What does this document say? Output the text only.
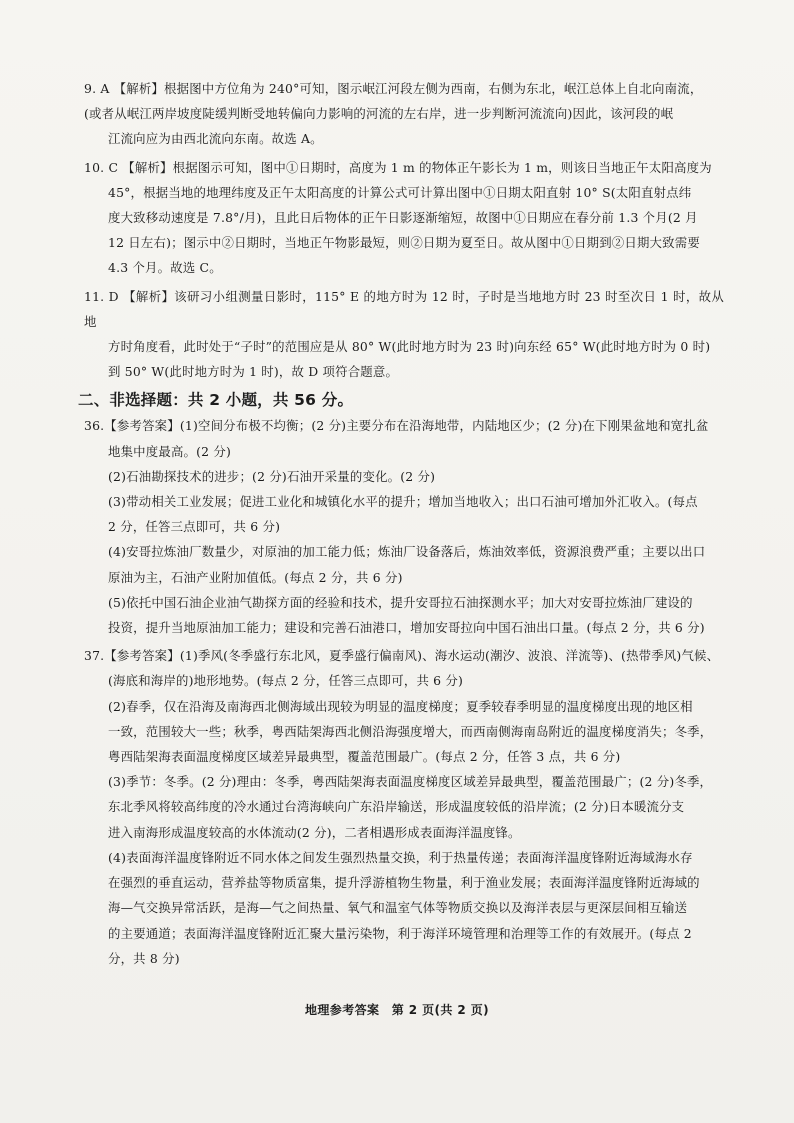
9. A 【解析】根据图中方位角为 240°可知，图示岷江河段左侧为西南，右侧为东北，岷江总体上自北向南流，

(或者从岷江两岸坡度陡缓判断受地转偏向力影响的河流的左右岸，进一步判断河流流向)因此，该河段的岷

江流向应为由西北流向东南。故选 A。

10. C 【解析】根据图示可知，图中①日期时，高度为 1 m 的物体正午影长为 1 m，则该日当地正午太阳高度为

45°，根据当地的地理纬度及正午太阳高度的计算公式可计算出图中①日期太阳直射 10° S(太阳直射点纬

度大致移动速度是 7.8°/月)，且此日后物体的正午日影逐渐缩短，故图中①日期应在春分前 1.3 个月(2 月

12 日左右)；图示中②日期时，当地正午物影最短，则②日期为夏至日。故从图中①日期到②日期大致需要

4.3 个月。故选 C。

11. D 【解析】该研习小组测量日影时，115° E 的地方时为 12 时，子时是当地地方时 23 时至次日 1 时，故从地

方时角度看，此时处于“子时”的范围应是从 80° W(此时地方时为 23 时)向东经 65° W(此时地方时为 0 时)

到 50° W(此时地方时为 1 时)，故 D 项符合题意。

二、非选择题：共 2 小题，共 56 分。

36.【参考答案】(1)空间分布极不均衡；(2 分)主要分布在沿海地带，内陆地区少；(2 分)在下刚果盆地和宽扎盆

地集中度最高。(2 分)

(2)石油勘探技术的进步；(2 分)石油开采量的变化。(2 分)

(3)带动相关工业发展；促进工业化和城镇化水平的提升；增加当地收入；出口石油可增加外汇收入。(每点

2 分，任答三点即可，共 6 分)

(4)安哥拉炼油厂数量少，对原油的加工能力低；炼油厂设备落后，炼油效率低，资源浪费严重；主要以出口

原油为主，石油产业附加值低。(每点 2 分，共 6 分)

(5)依托中国石油企业油气勘探方面的经验和技术，提升安哥拉石油探测水平；加大对安哥拉炼油厂建设的

投资，提升当地原油加工能力；建设和完善石油港口，增加安哥拉向中国石油出口量。(每点 2 分，共 6 分)

37.【参考答案】(1)季风(冬季盛行东北风，夏季盛行偏南风)、海水运动(潮汐、波浪、洋流等)、(热带季风)气候、

(海底和海岸的)地形地势。(每点 2 分，任答三点即可，共 6 分)

(2)春季，仅在沿海及南海西北侧海域出现较为明显的温度梯度；夏季较春季明显的温度梯度出现的地区相

一致，范围较大一些；秋季，粤西陆架海西北侧沿海强度增大，而西南侧海南岛附近的温度梯度消失；冬季，

粤西陆架海表面温度梯度区域差异最典型，覆盖范围最广。(每点 2 分，任答 3 点，共 6 分)

(3)季节：冬季。(2 分)理由：冬季，粤西陆架海表面温度梯度区域差异最典型，覆盖范围最广；(2 分)冬季，

东北季风将较高纬度的冷水通过台湾海峡向广东沿岸输送，形成温度较低的沿岸流；(2 分)日本暖流分支

进入南海形成温度较高的水体流动(2 分)，二者相遇形成表面海洋温度锋。

(4)表面海洋温度锋附近不同水体之间发生强烈热量交换，利于热量传递；表面海洋温度锋附近海域海水存

在强烈的垂直运动，营养盐等物质富集，提升浮游植物生物量，利于渔业发展；表面海洋温度锋附近海域的

海—气交换异常活跃，是海—气之间热量、氧气和温室气体等物质交换以及海洋表层与更深层间相互输送

的主要通道；表面海洋温度锋附近汇聚大量污染物，利于海洋环境管理和治理等工作的有效展开。(每点 2

分，共 8 分)

地理参考答案　第 2 页(共 2 页)
